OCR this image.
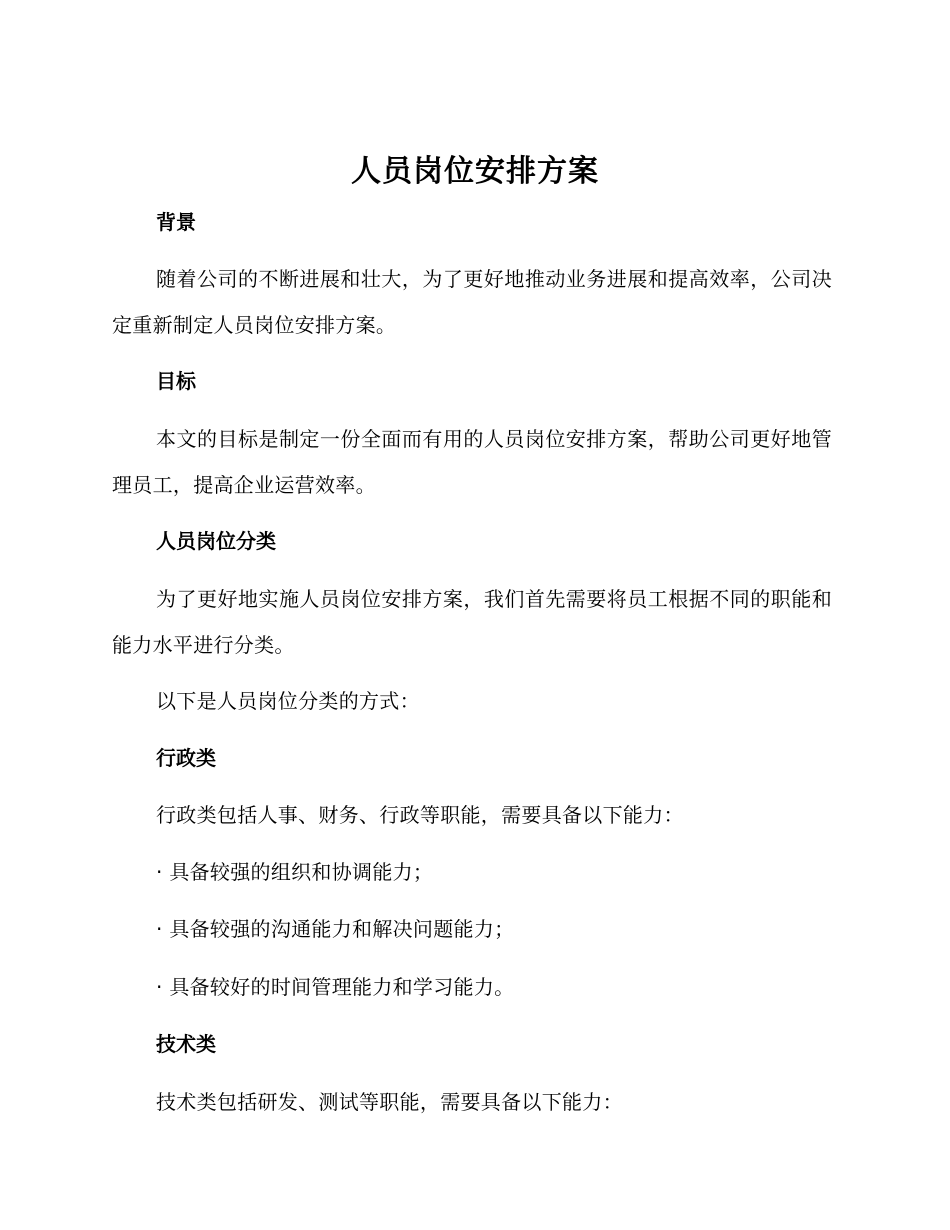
人员岗位安排方案
背景
随着公司的不断进展和壮大，为了更好地推动业务进展和提高效率，公司决定重新制定人员岗位安排方案。
目标
本文的目标是制定一份全面而有用的人员岗位安排方案，帮助公司更好地管理员工，提高企业运营效率。
人员岗位分类
为了更好地实施人员岗位安排方案，我们首先需要将员工根据不同的职能和能力水平进行分类。
以下是人员岗位分类的方式：
行政类
行政类包括人事、财务、行政等职能，需要具备以下能力：
· 具备较强的组织和协调能力；
· 具备较强的沟通能力和解决问题能力；
· 具备较好的时间管理能力和学习能力。
技术类
技术类包括研发、测试等职能，需要具备以下能力：
